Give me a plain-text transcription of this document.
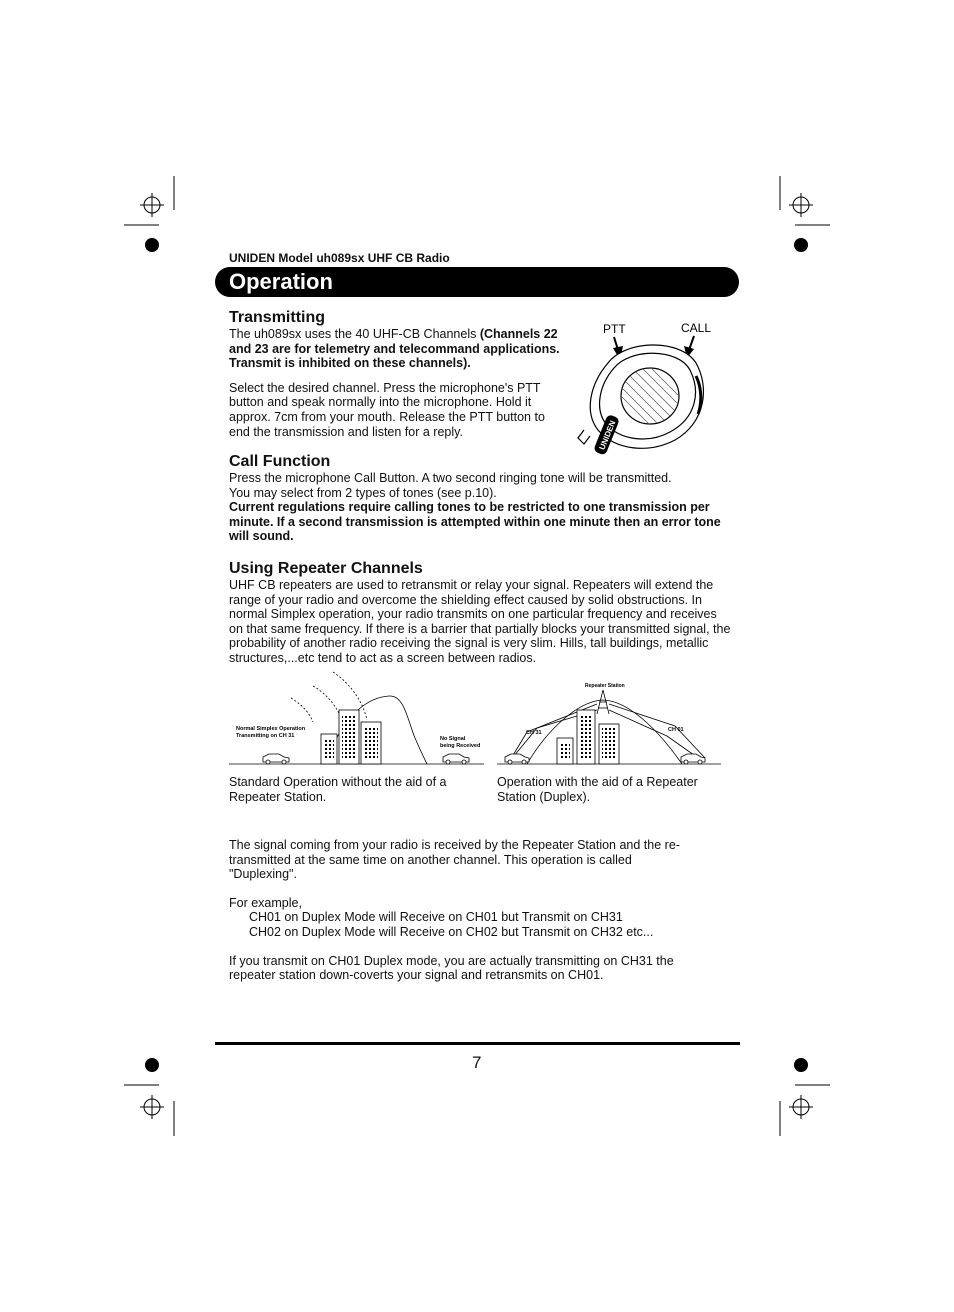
UNIDEN Model uh089sx UHF CB Radio
Operation
Transmitting

The uh089sx uses the 40 UHF-CB Channels (Channels 22 and 23 are for telemetry and telecommand applications. Transmit is inhibited on these channels).

Select the desired channel. Press the microphone's PTT button and speak normally into the microphone. Hold it approx. 7cm from your mouth. Release the PTT button to end the transmission and listen for a reply.

PTT	CALL
UNIDEN
Call Function

Press the microphone Call Button. A two second ringing tone will be transmitted.

You may select from 2 types of tones (see p.10).

Current regulations require calling tones to be restricted to one transmission per minute. If a second transmission is attempted within one minute then an error tone will sound.

Using Repeater Channels

UHF CB repeaters are used to retransmit or relay your signal. Repeaters will extend the range of your radio and overcome the shielding effect caused by solid obstructions. In normal Simplex operation, your radio transmits on one particular frequency and receives on that same frequency. If there is a barrier that partially blocks your transmitted signal, the probability of another radio receiving the signal is very slim. Hills, tall buildings, metallic structures,...etc tend to act as a screen between radios.

Normal Simplex Operation
Transmitting on CH 31	No Signal
being Received
Repeater Station
CH 31	CH 01
Standard Operation without the aid of a Repeater Station.
Operation with the aid of a Repeater Station (Duplex).

The signal coming from your radio is received by the Repeater Station and the re-transmitted at the same time on another channel. This operation is called "Duplexing".

For example,

CH01 on Duplex Mode will Receive on CH01 but Transmit on CH31

CH02 on Duplex Mode will Receive on CH02 but Transmit on CH32 etc...

If you transmit on CH01 Duplex mode, you are actually transmitting on CH31 the repeater station down-coverts your signal and retransmits on CH01.

7
